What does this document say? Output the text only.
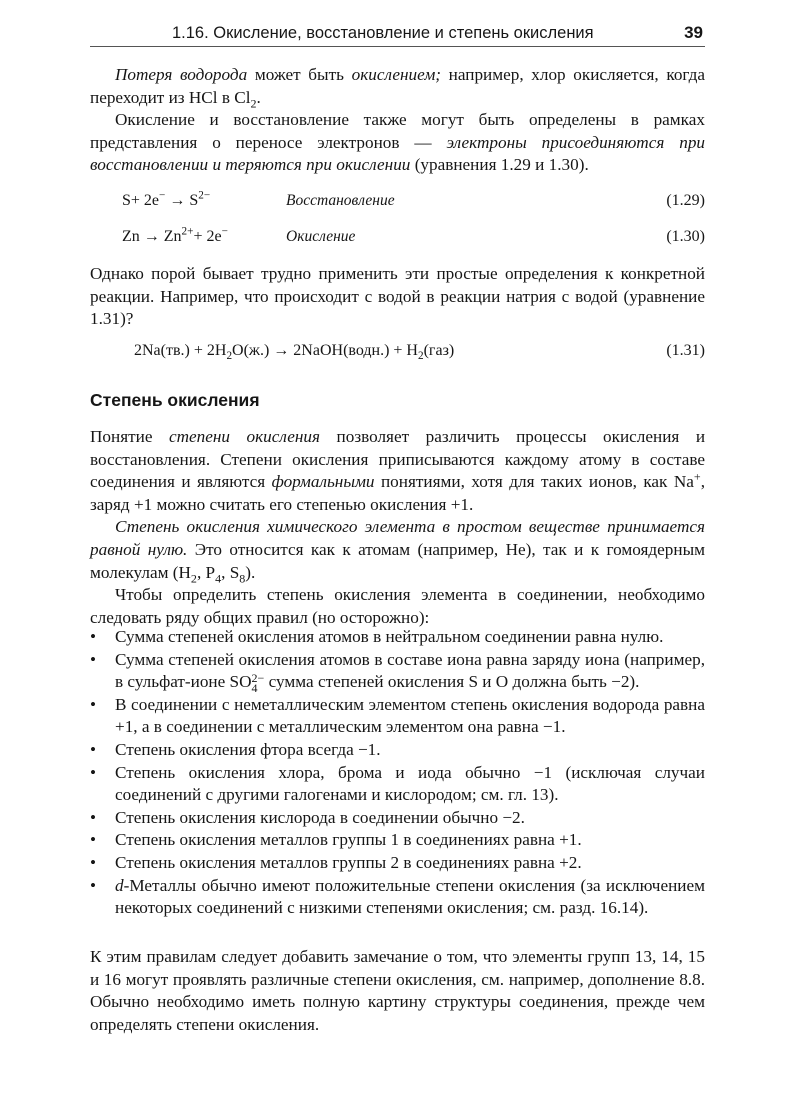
1.16. Окисление, восстановление и степень окисления	39

Потеря водорода может быть окислением; например, хлор окисляется, когда переходит из HCl в $Cl_2$.

Окисление и восстановление также могут быть определены в рамках представления о переносе электронов — электроны присоединяются при восстановлении и теряются при окислении (уравнения 1.29 и 1.30).

$S+ 2e^- \to S^{2-}$	Восстановление	(1.29)
$Zn \to Zn^{2+}+ 2e^-$	Окисление	(1.30)

Однако порой бывает трудно применить эти простые определения к конкретной реакции. Например, что происходит с водой в реакции натрия с водой (уравнение 1.31)?

$2Na(тв.) + 2H_2O(ж.)$ → 2NaOH(водн.) + $H_2(газ)$	(1.31)
Степень окисления

Понятие степени окисления позволяет различить процессы окисления и восстановления. Степени окисления приписываются каждому атому в составе соединения и являются формальными понятиями, хотя для таких ионов, как Na+, заряд +1 можно считать его степенью окисления +1.

Степень окисления химического элемента в простом веществе принимается равной нулю. Это относится как к атомам (например, He), так и к гомоядерным молекулам ($H_2$, $P_4$, $S_8$).

Чтобы определить степень окисления элемента в соединении, необходимо следовать ряду общих правил (но осторожно):

• Сумма степеней окисления атомов в нейтральном соединении равна нулю.
• Сумма степеней окисления атомов в составе иона равна заряду иона (например, в сульфат-ионе SO 2−
4 сумма степеней окисления S и O должна быть −2).
• В соединении с неметаллическим элементом степень окисления водорода равна +1, а в соединении с металлическим элементом она равна −1.
• Степень окисления фтора всегда −1.
• Степень окисления хлора, брома и иода обычно −1 (исключая случаи соединений с другими галогенами и кислородом; см. гл. 13).
• Степень окисления кислорода в соединении обычно −2.
• Степень окисления металлов группы 1 в соединениях равна +1.
• Степень окисления металлов группы 2 в соединениях равна +2.
• d-Металлы обычно имеют положительные степени окисления (за исключением некоторых соединений с низкими степенями окисления; см. разд. 16.14).

К этим правилам следует добавить замечание о том, что элементы групп 13, 14, 15 и 16 могут проявлять различные степени окисления, см. например, дополнение 8.8. Обычно необходимо иметь полную картину структуры соединения, прежде чем определять степени окисления.
